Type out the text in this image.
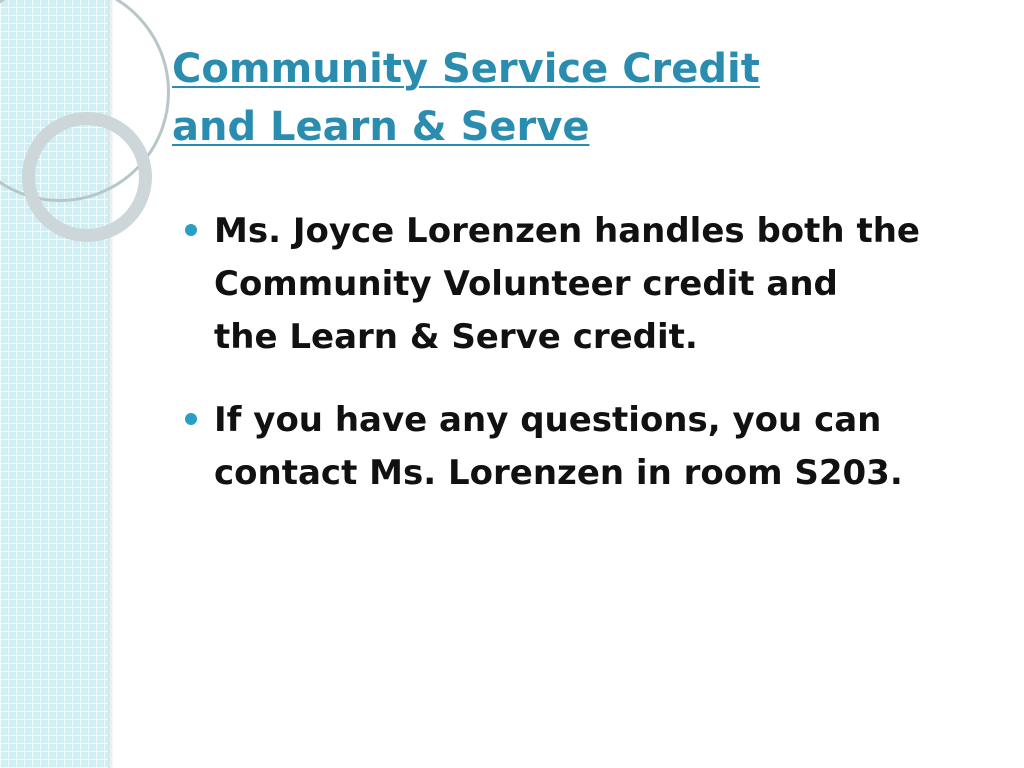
Community Service Credit
and Learn & Serve
Ms. Joyce Lorenzen handles both the
Community Volunteer credit and
the Learn & Serve credit.
If you have any questions, you can
contact Ms. Lorenzen in room S203.
